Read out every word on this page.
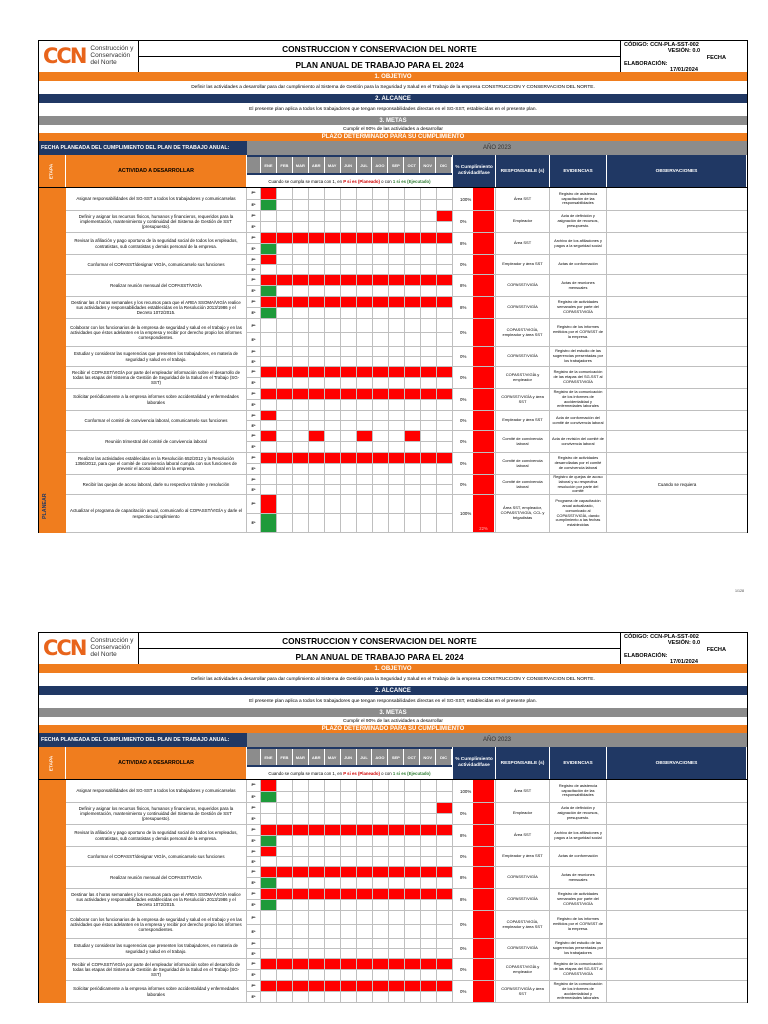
CCN Construcción y
Conservación
del Norte
CONSTRUCCION Y CONSERVACION DEL NORTE
PLAN ANUAL DE TRABAJO PARA EL 2024
CÓDIGO: CCN-PLA-SST-002
VESIÓN: 0.0
FECHA
ELABORACIÓN:
17/01/2024
1. OBJETIVO
Definir las actividades a desarrollar para dar cumplimiento al Sistema de Gestión para la Seguridad y Salud en el Trabajo de la empresa CONSTRUCCION Y CONSERVACION DEL NORTE.
2. ALCANCE
El presente plan aplica a todos los trabajadores que tengan responsabilidades directas en el SG-SST, establecidas en el presente plan.
3. METAS
Cumplir el 90% de las actividades a desarrollar
PLAZO DETERMINADO PARA SU CUMPLIMIENTO
FECHA PLANEADA DEL CUMPLIMIENTO DEL PLAN DE TRABAJO ANUAL:	AÑO 2023
ETAPA	ACTIVIDAD A DESARROLLAR
ENE	FEB	MAR	ABR	MAY	JUN	JUL	AGO	SEP	OCT	NOV	DIC
Cuando se cumpla se marca con 1, en
P si es
(Planeado)
o con
1 si es (Ejecutado)
% Cumplimiento actividad/fase	RESPONSABLE (s)	EVIDENCIAS	OBSERVACIONES
PLANEAR
22%
Asignar responsabilidades del SG-SST a todos los trabajadores y comunicarselas
P*
E*
100%	Área SST
Registro de asistencia capacitación de las responsabilidades
Definir y asignar los recursos físicos, humanos y financieros, requeridos para la implementación, mantenimiento y continuidad del Sistema de Gestión de SST (presupuesto).
P*
E*
0%	Empleador
Acta de definición y asignación de recursos, presupuesto.
Revisar la afiliación y pago oportuno de la seguridad social de todos los empleados, contratistas, sub contratistas y demás personal de la empresa.
P*
E*
8%	Área SST	Archivo de los afiliaciones y pagos a la seguridad social
Conformar el COPASST/designar VIGÍA, comunicarselo sus funciones
P*
E*
0%	Empleador y área SST	Actas de conformación
Realizar reunión mensual del COPASST/VIGÍA
P*
E*
8%	COPASST/VIGÍA	Actas de reuniones mensuales
Destinar las 4 horas semanales y los recursos para que el AREA SSOMA/VIGÍA realice sus actividades y responsabilidades establecidas en la Resolución 2013/1986 y el Decreto 1072/2015.
P*
E*
8%	COPASST/VIGÍA
Registro de actividades semanales por parte del COPASST/VIGÍA
Colaborar con los funcionarios de la empresa de seguridad y salud en el trabajo y en las actividades que éstos adelanten en la empresa y recibir por derecho propio los informes correspondientes.
P*
E*
0%
COPASST/VIGÍA, empleador y área SST
Registro de los informes emitidos por el COPASST de la empresa.
Estudiar y considerar las sugerencias que presenten los trabajadores, en materia de seguridad y salud en el trabajo.
P*
E*
0%	COPASST/VIGÍA
Registro del estudio de las sugerencias presentadas por los trabajadores
Recibir el COPASST/VIGÍA por parte del empleador información sobre el desarrollo de todas las etapas del Sistema de Gestión de Seguridad de la Salud en el Trabajo (SG-SST)
P*
E*
0%
COPASST/VIGÍA y empleador
Registro de la comunicación de las etapas del SG-SST al COPASST/VIGÍA
Solicitar periódicamente a la empresa informes sobre accidentalidad y enfermedades laborales
P*
E*
0%
COPASST/VIGÍA y área SST
Registro de la comunicación de los informes de accidentalidad y enfermedades laborales
Conformar el comité de convivencia laboral, comunicarselo sus funciones
P*
E*
0%	Empleador y área SST	Acta de conformación del comité de convivencia laboral
Reunión trimestral del comité de convivencia laboral
P*
E*
0%
Comité de convivencia laboral
Acta de revisión del comité de convivencia laboral
Realizar las actividades establecidas en la Resolución 652/2012 y la Resolución 1356/2012, para que el comité de convivencia laboral cumpla con sus funciones de prevenir el acoso laboral en la empresa.
P*
E*
0%
Comité de convivencia laboral
Registro de actividades desarrolladas por el comité de convivencia laboral
Recibir las quejas de acoso laboral, darle su respectivo trámite y resolución
P*
E*
0%
Comité de convivencia laboral
Registro de quejas de acoso laboral y su respectiva resolución por parte del comité
Cuando se requiera
Actualizar el programa de capacitación anual, comunicarlo al COPASST/VIGÍA y darle el respectivo cumplimiento
P*
E*
100%
Área SST, empleador, COPASST/VIGÍA, CCL y brigadistas
Programa de capacitación anual actualizado, comunicado al COPASST/VIGÍA, dando cumplimiento a las fechas establecidas
1/128
CCN Construcción y
Conservación
del Norte
CONSTRUCCION Y CONSERVACION DEL NORTE
PLAN ANUAL DE TRABAJO PARA EL 2024
CÓDIGO: CCN-PLA-SST-002
VESIÓN: 0.0
FECHA
ELABORACIÓN:
17/01/2024
1. OBJETIVO
Definir las actividades a desarrollar para dar cumplimiento al Sistema de Gestión para la Seguridad y Salud en el Trabajo de la empresa CONSTRUCCION Y CONSERVACION DEL NORTE.
2. ALCANCE
El presente plan aplica a todos los trabajadores que tengan responsabilidades directas en el SG-SST, establecidas en el presente plan.
3. METAS
Cumplir el 90% de las actividades a desarrollar
PLAZO DETERMINADO PARA SU CUMPLIMIENTO
FECHA PLANEADA DEL CUMPLIMIENTO DEL PLAN DE TRABAJO ANUAL:	AÑO 2023
ETAPA	ACTIVIDAD A DESARROLLAR
ENE	FEB	MAR	ABR	MAY	JUN	JUL	AGO	SEP	OCT	NOV	DIC
Cuando se cumpla se marca con 1, en
P si es
(Planeado)
o con
1 si es (Ejecutado)
% Cumplimiento actividad/fase	RESPONSABLE (s)	EVIDENCIAS	OBSERVACIONES
Asignar responsabilidades del SG-SST a todos los trabajadores y comunicarselas
P*
E*
100%	Área SST
Registro de asistencia capacitación de las responsabilidades
Definir y asignar los recursos físicos, humanos y financieros, requeridos para la implementación, mantenimiento y continuidad del Sistema de Gestión de SST (presupuesto).
P*
E*
0%	Empleador
Acta de definición y asignación de recursos, presupuesto.
Revisar la afiliación y pago oportuno de la seguridad social de todos los empleados, contratistas, sub contratistas y demás personal de la empresa.
P*
E*
8%	Área SST	Archivo de los afiliaciones y pagos a la seguridad social
Conformar el COPASST/designar VIGÍA, comunicarselo sus funciones
P*
E*
0%	Empleador y área SST	Actas de conformación
Realizar reunión mensual del COPASST/VIGÍA
P*
E*
8%	COPASST/VIGÍA	Actas de reuniones mensuales
Destinar las 4 horas semanales y los recursos para que el AREA SSOMA/VIGÍA realice sus actividades y responsabilidades establecidas en la Resolución 2013/1986 y el Decreto 1072/2015.
P*
E*
8%	COPASST/VIGÍA
Registro de actividades semanales por parte del COPASST/VIGÍA
Colaborar con los funcionarios de la empresa de seguridad y salud en el trabajo y en las actividades que éstos adelanten en la empresa y recibir por derecho propio los informes correspondientes.
P*
E*
0%
COPASST/VIGÍA, empleador y área SST
Registro de los informes emitidos por el COPASST de la empresa.
Estudiar y considerar las sugerencias que presenten los trabajadores, en materia de seguridad y salud en el trabajo.
P*
E*
0%	COPASST/VIGÍA
Registro del estudio de las sugerencias presentadas por los trabajadores
Recibir el COPASST/VIGÍA por parte del empleador información sobre el desarrollo de todas las etapas del Sistema de Gestión de Seguridad de la Salud en el Trabajo (SG-SST)
P*
E*
0%
COPASST/VIGÍA y empleador
Registro de la comunicación de las etapas del SG-SST al COPASST/VIGÍA
Solicitar periódicamente a la empresa informes sobre accidentalidad y enfermedades laborales
P*
E*
0%
COPASST/VIGÍA y área SST
Registro de la comunicación de los informes de accidentalidad y enfermedades laborales
